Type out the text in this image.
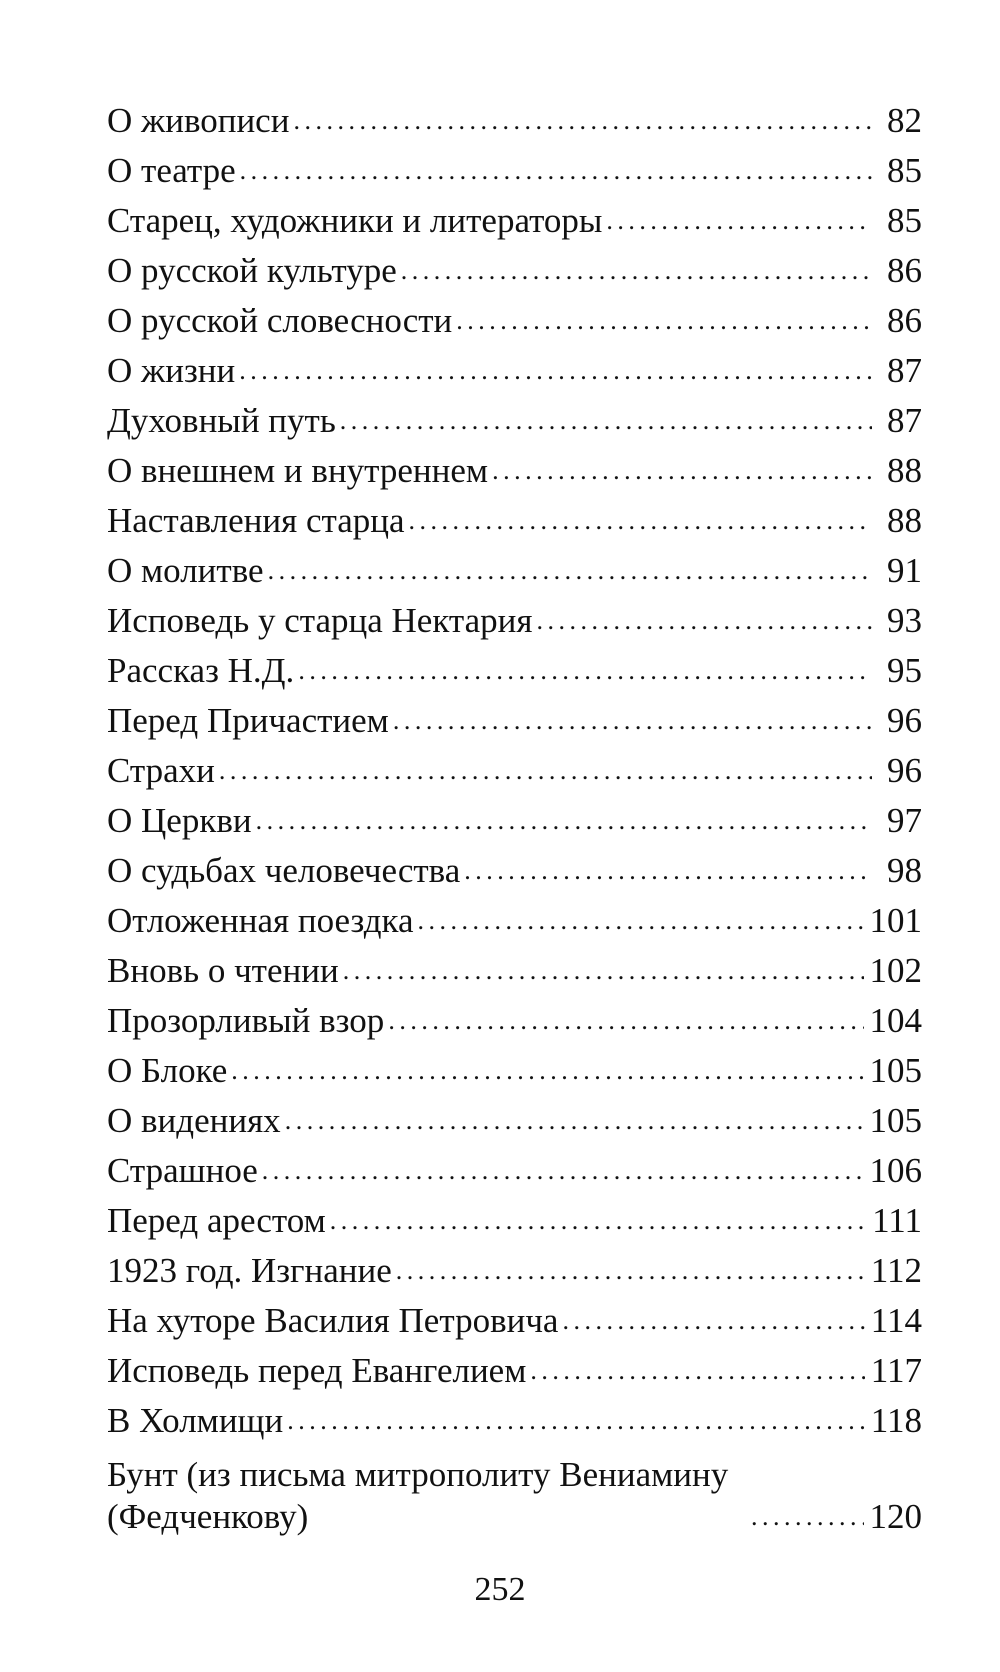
О живописи . . .	82
О театре . . .	85
Старец, художники и литераторы . . .	85
О русской культуре . . .	86
О русской словесности . . .	86
О жизни . . .	87
Духовный путь . . .	87
О внешнем и внутреннем . . .	88
Наставления старца . . .	88
О молитве . . .	91
Исповедь у старца Нектария . . .	93
Рассказ Н.Д. . . .	95
Перед Причастием . . .	96
Страхи . . .	96
О Церкви . . .	97
О судьбах человечества . . .	98
Отложенная поездка . . .	101
Вновь о чтении . . .	102
Прозорливый взор . . .	104
О Блоке . . .	105
О видениях . . .	105
Страшное . . .	106
Перед арестом . . .	111
1923 год. Изгнание . . .	112
На хуторе Василия Петровича . . .	114
Исповедь перед Евангелием . . .	117
В Холмищи . . .	118
Бунт (из письма митрополиту Вениамину (Федченкову) . . .	120
252
